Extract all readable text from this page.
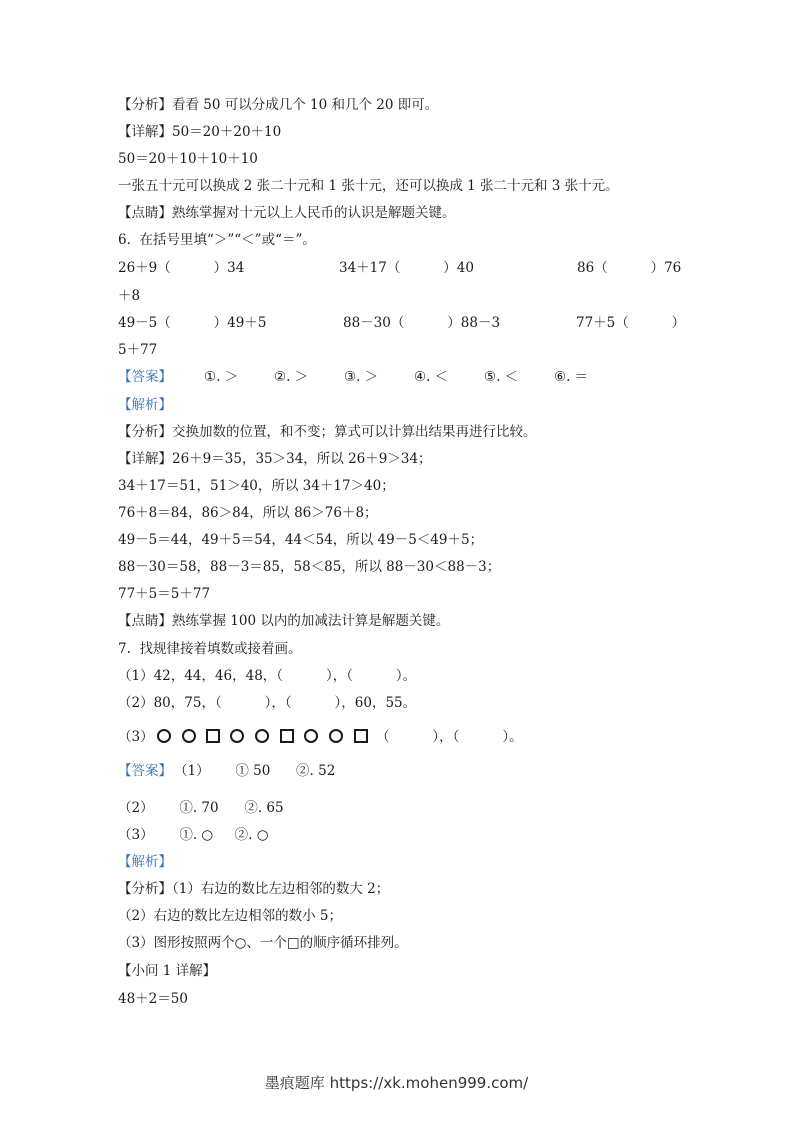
【分析】看看 50 可以分成几个 10 和几个 20 即可。
【详解】50＝20＋20＋10
50＝20＋10＋10＋10
一张五十元可以换成 2 张二十元和 1 张十元，还可以换成 1 张二十元和 3 张十元。
【点睛】熟练掌握对十元以上人民币的认识是解题关键。
6.  在括号里填“＞”“＜”或“＝”。
26＋9（          ）34	34＋17（          ）40	86（          ）76
＋8
49－5（          ）49＋5	88－30（          ）88－3	77＋5（          ）
5＋77
【答案】 ①. ＞	②. ＞	③. ＞	④. ＜	⑤. ＜	⑥. ＝
【解析】
【分析】交换加数的位置，和不变；算式可以计算出结果再进行比较。
【详解】26＋9＝35，35＞34，所以 26＋9＞34；
34＋17＝51，51＞40，所以 34＋17＞40；
76＋8＝84，86＞84，所以 86＞76＋8；
49－5＝44，49＋5＝54，44＜54，所以 49－5＜49＋5；
88－30＝58，88－3＝85，58＜85，所以 88－30＜88－3；
77＋5＝5＋77
【点睛】熟练掌握 100 以内的加减法计算是解题关键。
7.  找规律接着填数或接着画。
（1）42，44，46，48，（          ），（          ）。
（2）80，75，（          ），（          ），60，55。
（3）	（          ），（          ）。
【答案】 （1）      ① 50      ②. 52
（2）      ①. 70      ②. 65
（3）      ①. ○     ②. ○
【解析】
【分析】（1）右边的数比左边相邻的数大 2；
（2）右边的数比左边相邻的数小 5；
（3）图形按照两个○、一个□的顺序循环排列。
【小问 1 详解】
48＋2＝50
墨痕题库 https://xk.mohen999.com/
